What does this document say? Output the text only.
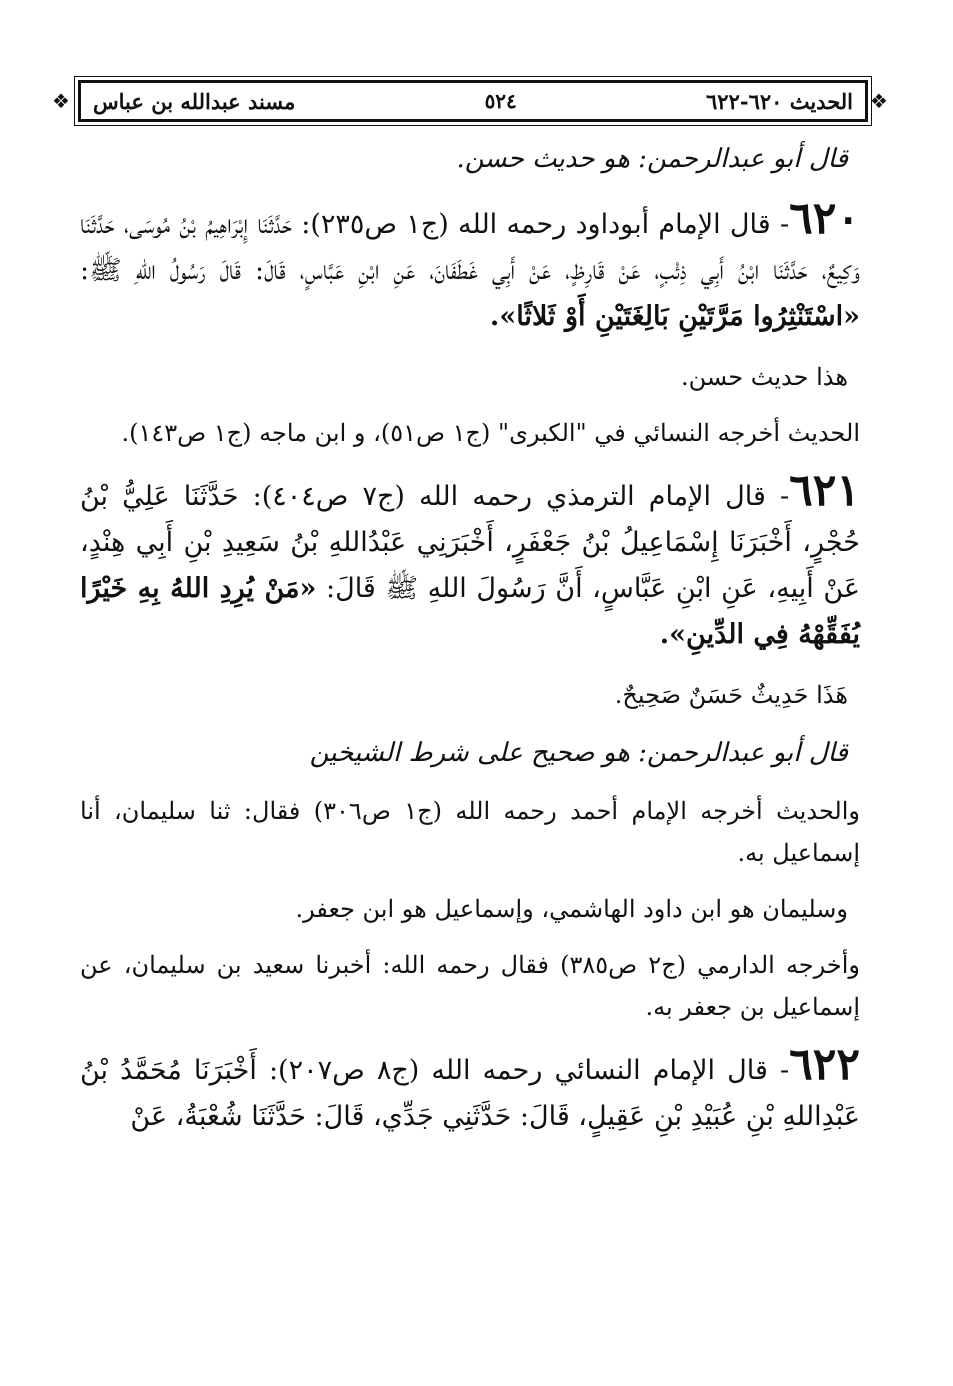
❖	الحديث ٦٢٠-٦٢٢
٥٢٤
مسند عبدالله بن عباس	❖

قال أبو عبدالرحمن: هو حديث حسن.

٦٢٠- قال الإمام أبوداود رحمه الله (ج١ ص٢٣٥): حَدَّثَنَا إِبْرَاهِيمُ بْنُ مُوسَى، حَدَّثَنَا وَكِيعٌ، حَدَّثَنَا ابْنُ أَبِي ذِئْبٍ، عَنْ قَارِظٍ، عَنْ أَبِي غَطَفَانَ، عَنِ ابْنِ عَبَّاسٍ، قَالَ: قَالَ رَسُولُ اللهِ ﷺ: «اسْتَنْثِرُوا مَرَّتَيْنِ بَالِغَتَيْنِ أَوْ ثَلاثًا».

هذا حديث حسن.

الحديث أخرجه النسائي في "الكبرى" (ج١ ص٥١)، و ابن ماجه (ج١ ص١٤٣).

٦٢١- قال الإمام الترمذي رحمه الله (ج٧ ص٤٠٤): حَدَّثَنَا عَلِيُّ بْنُ حُجْرٍ، أَخْبَرَنَا إِسْمَاعِيلُ بْنُ جَعْفَرٍ، أَخْبَرَنِي عَبْدُاللهِ بْنُ سَعِيدِ بْنِ أَبِي هِنْدٍ، عَنْ أَبِيهِ، عَنِ ابْنِ عَبَّاسٍ، أَنَّ رَسُولَ اللهِ ﷺ قَالَ: «مَنْ يُرِدِ اللهُ بِهِ خَيْرًا يُفَقِّهْهُ فِي الدِّينِ».

هَذَا حَدِيثٌ حَسَنٌ صَحِيحٌ.

قال أبو عبدالرحمن: هو صحيح على شرط الشيخين

والحديث أخرجه الإمام أحمد رحمه الله (ج١ ص٣٠٦) فقال: ثنا سليمان، أنا إسماعيل به.

وسليمان هو ابن داود الهاشمي، وإسماعيل هو ابن جعفر.

وأخرجه الدارمي (ج٢ ص٣٨٥) فقال رحمه الله: أخبرنا سعيد بن سليمان، عن إسماعيل بن جعفر به.

٦٢٢- قال الإمام النسائي رحمه الله (ج٨ ص٢٠٧): أَخْبَرَنَا مُحَمَّدُ بْنُ عَبْدِاللهِ بْنِ عُبَيْدِ بْنِ عَقِيلٍ، قَالَ: حَدَّثَنِي جَدِّي، قَالَ: حَدَّثَنَا شُعْبَةُ، عَنْ
